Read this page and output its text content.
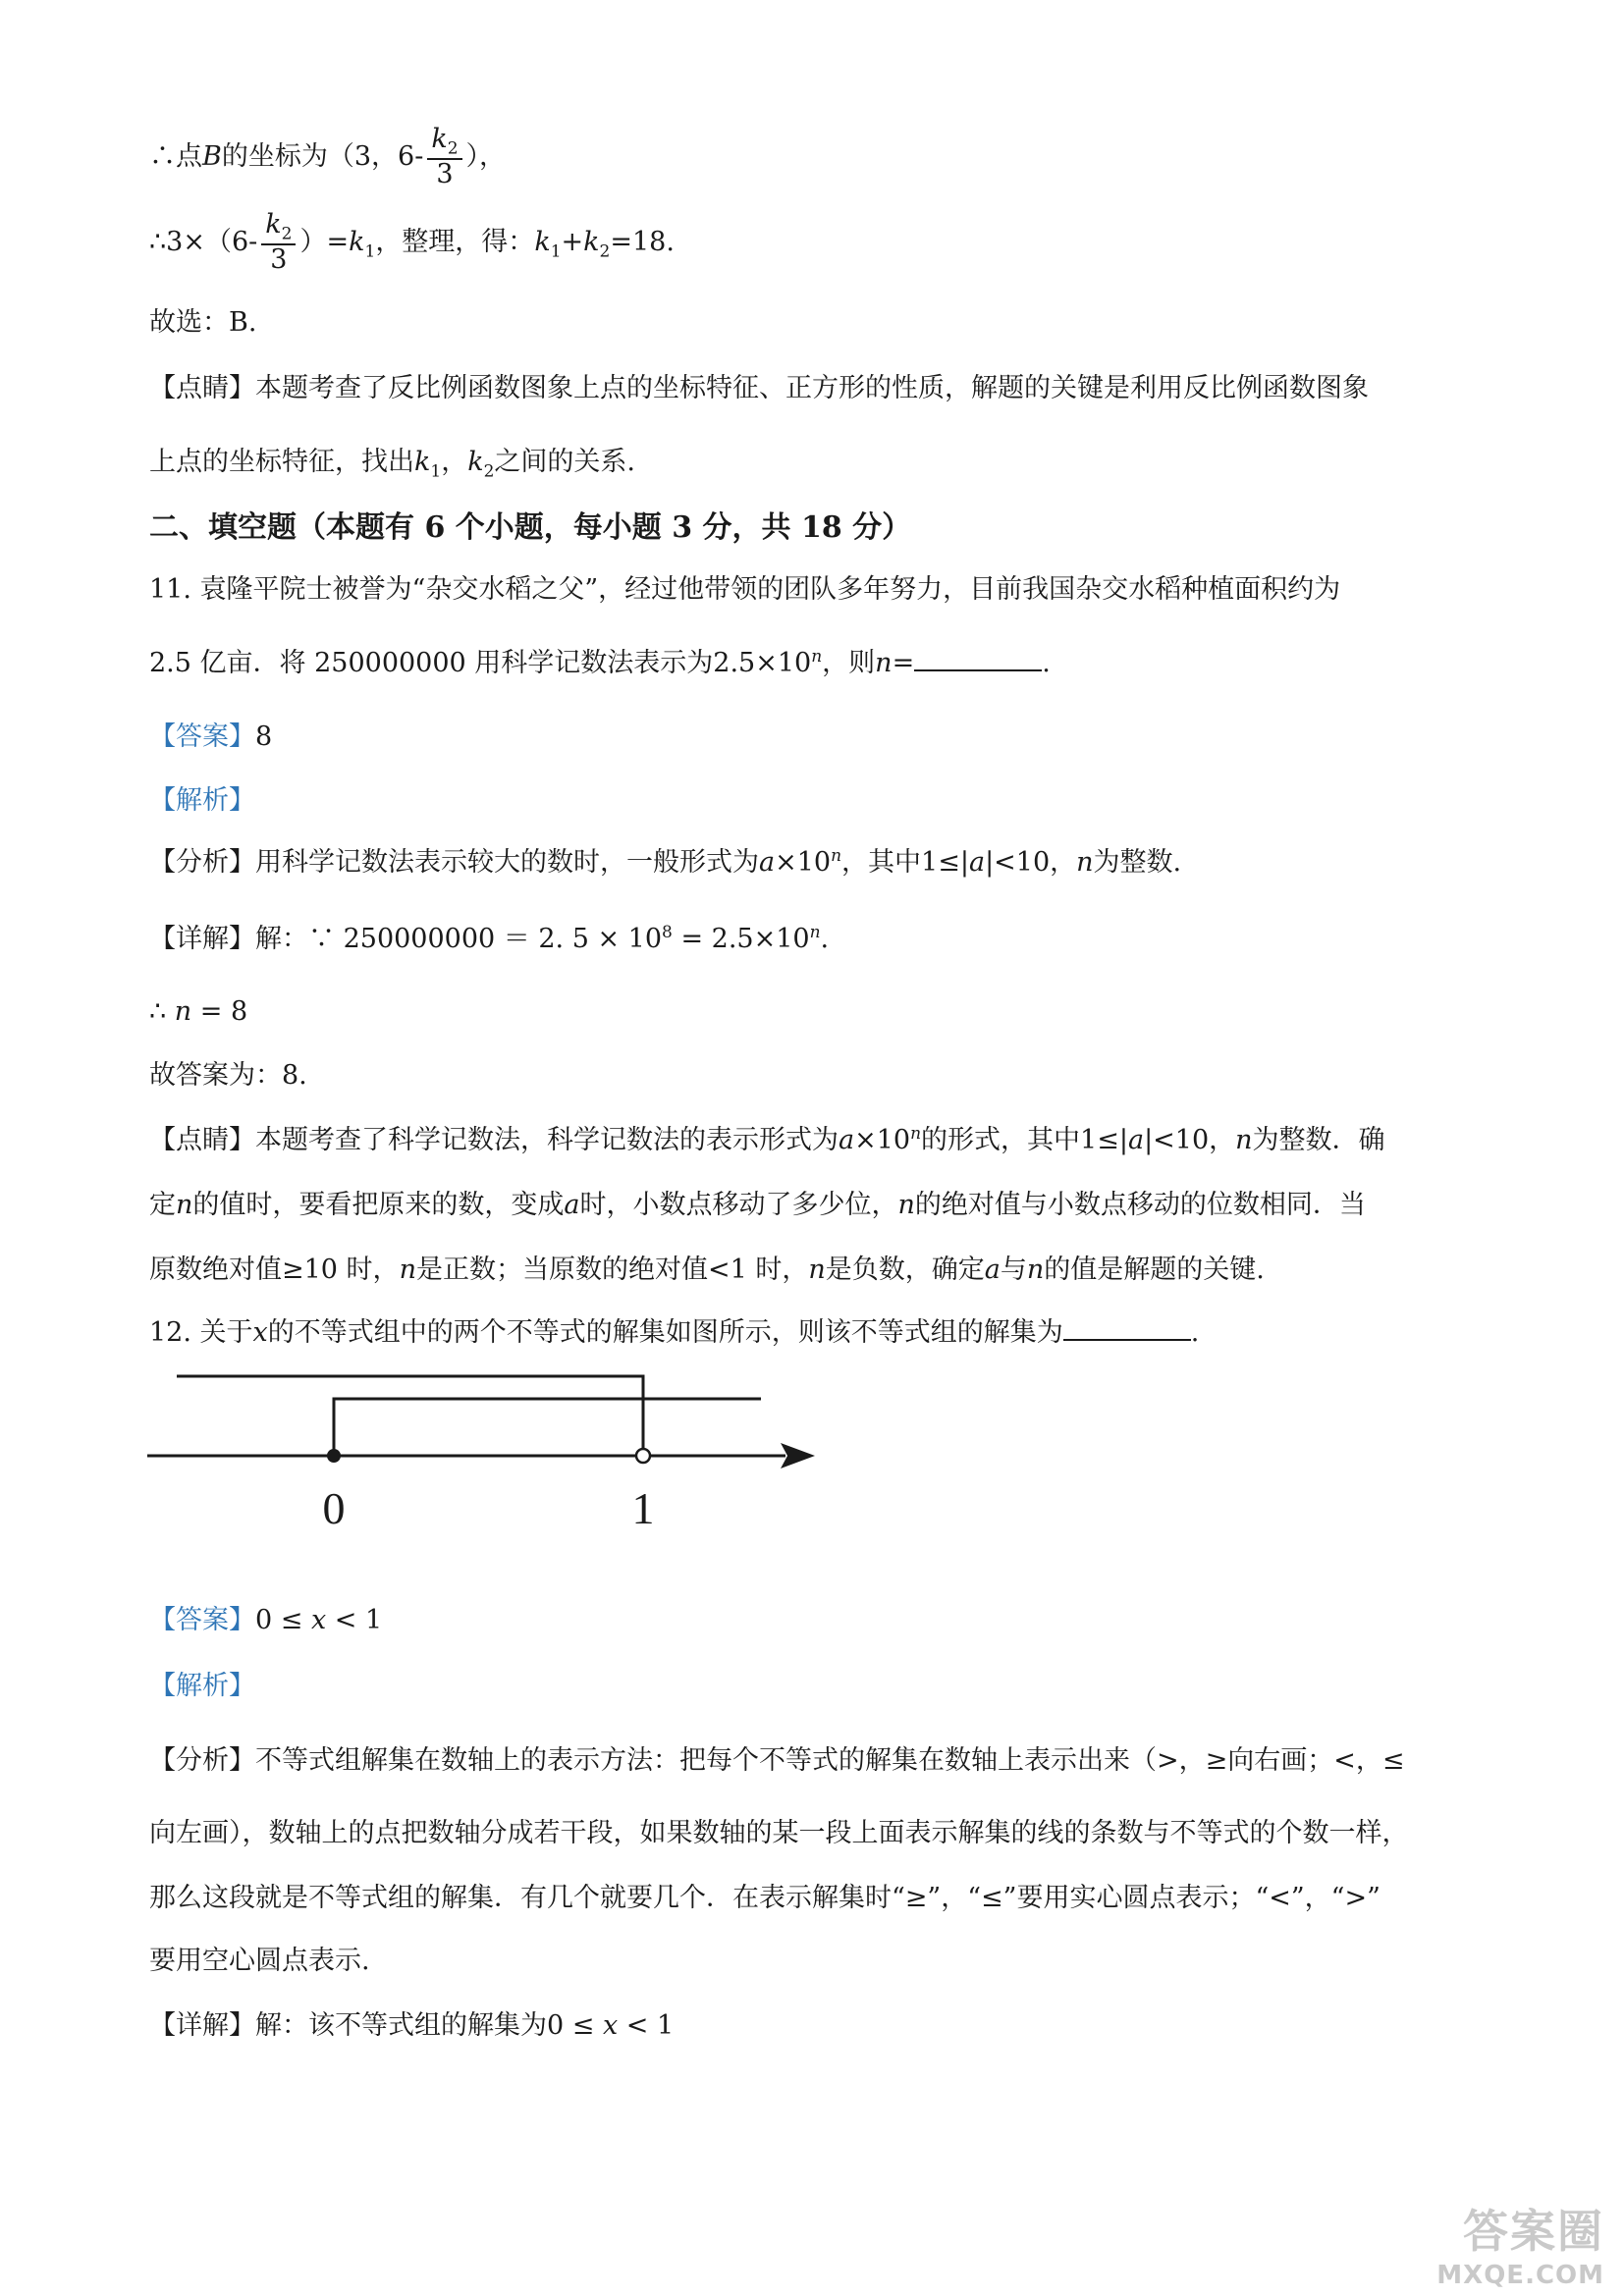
∴点B的坐标为（3，$6- \frac{k_2}{3}$ ），
∴3×（6- $\frac{k_2}{3} )=k_1$，整理，得：$k_1+k_2=18$.
故选：B.
【点睛】本题考查了反比例函数图象上点的坐标特征、正方形的性质，解题的关键是利用反比例函数图象
上点的坐标特征，找出$k_1$，$k_2$之间的关系.
二、填空题（本题有 6 个小题，每小题 3 分，共 18 分）
11. 袁隆平院士被誉为“杂交水稻之父”，经过他带领的团队多年努力，目前我国杂交水稻种植面积约为
2.5 亿亩．将 250000000 用科学记数法表示为$2.5\times 10^n$，则n=	.
【答案】8
【解析】
【分析】用科学记数法表示较大的数时，一般形式为$a\times 10^n$，其中1≤|a|<10，n为整数.
【详解】解：∵ 250000000 ＝ 2. $5 \times 10^8 = 2.5\times 10^n$.
∴ n = 8
故答案为：8.
【点睛】本题考查了科学记数法，科学记数法的表示形式为$a\times 10^n$的形式，其中1≤|a|<10，n为整数．确
定n的值时，要看把原来的数，变成a时，小数点移动了多少位，n的绝对值与小数点移动的位数相同．当
原数绝对值≥10 时，n是正数；当原数的绝对值<1 时，n是负数，确定a与n的值是解题的关键.
12. 关于x的不等式组中的两个不等式的解集如图所示，则该不等式组的解集为	.
0	1
【答案】0 ≤ x < 1
【解析】
【分析】不等式组解集在数轴上的表示方法：把每个不等式的解集在数轴上表示出来（>，≥向右画；<，≤
向左画），数轴上的点把数轴分成若干段，如果数轴的某一段上面表示解集的线的条数与不等式的个数一样，
那么这段就是不等式组的解集．有几个就要几个．在表示解集时“≥”，“≤”要用实心圆点表示；“<”，“>”
要用空心圆点表示.
【详解】解：该不等式组的解集为0 ≤ x < 1
答案圈
MXQE.COM
